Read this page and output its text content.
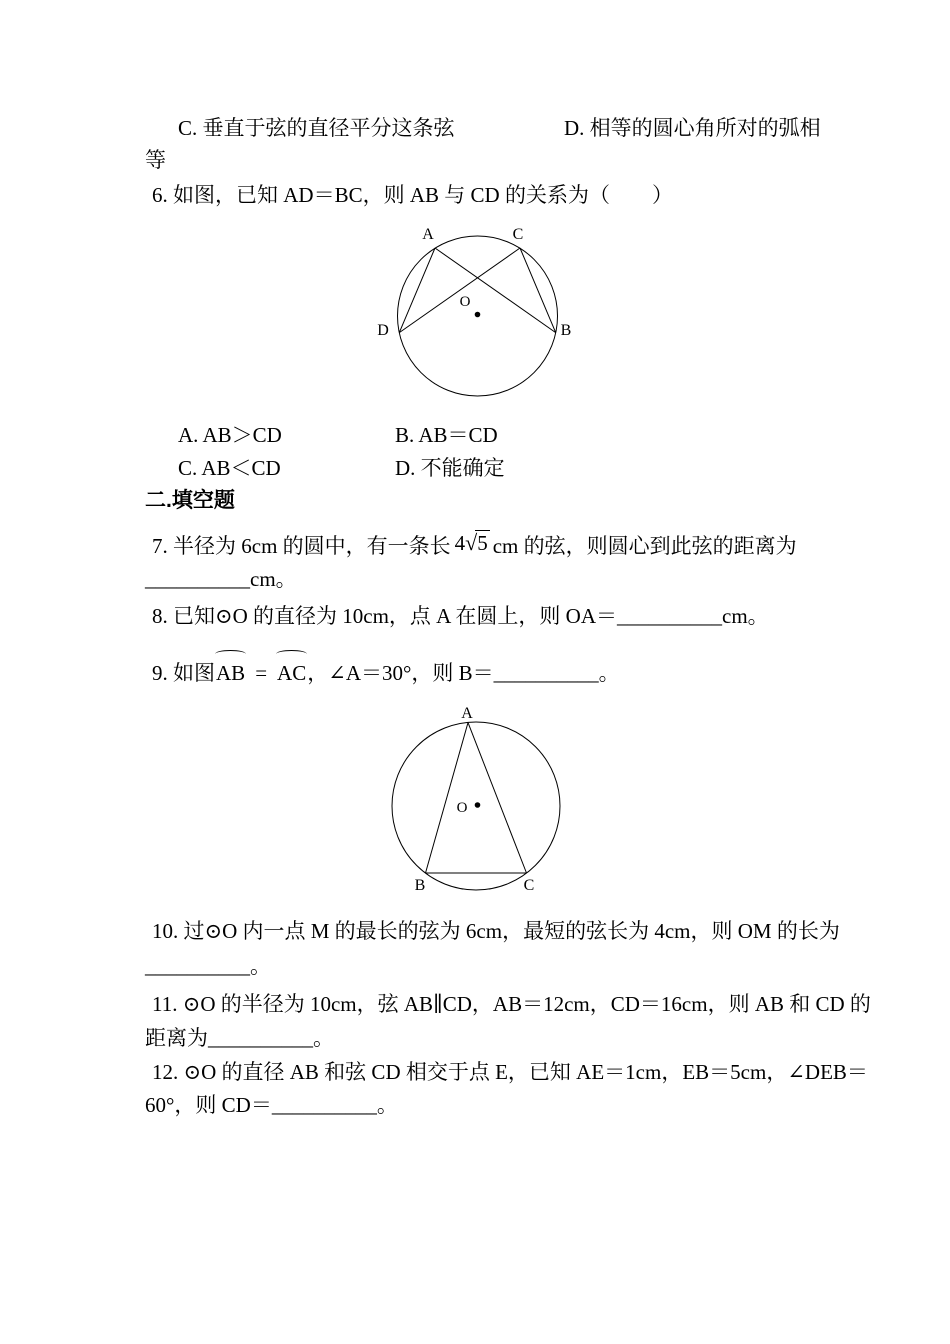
C. 垂直于弦的直径平分这条弦	D. 相等的圆心角所对的弧相
等
6. 如图，已知 AD＝BC，则 AB 与 CD 的关系为（　　）
A	C
D	B
O
A. AB＞CD	B. AB＝CD
C. AB＜CD	D. 不能确定
二.填空题
7. 半径为 6cm 的圆中，有一条长 4√5 cm 的弦，则圆心到此弦的距离为
__________cm。
8. 已知⊙O 的直径为 10cm，点 A 在圆上，则 OA＝__________cm。
9. 如图
AB = AC，∠A＝30°，则 B＝__________。
A
B	C
O
10. 过⊙O 内一点 M 的最长的弦为 6cm，最短的弦长为 4cm，则 OM 的长为
__________。
11. ⊙O 的半径为 10cm，弦 AB∥CD，AB＝12cm，CD＝16cm，则 AB 和 CD 的
距离为__________。
12. ⊙O 的直径 AB 和弦 CD 相交于点 E，已知 AE＝1cm，EB＝5cm，∠DEB＝
60°，则 CD＝__________。
